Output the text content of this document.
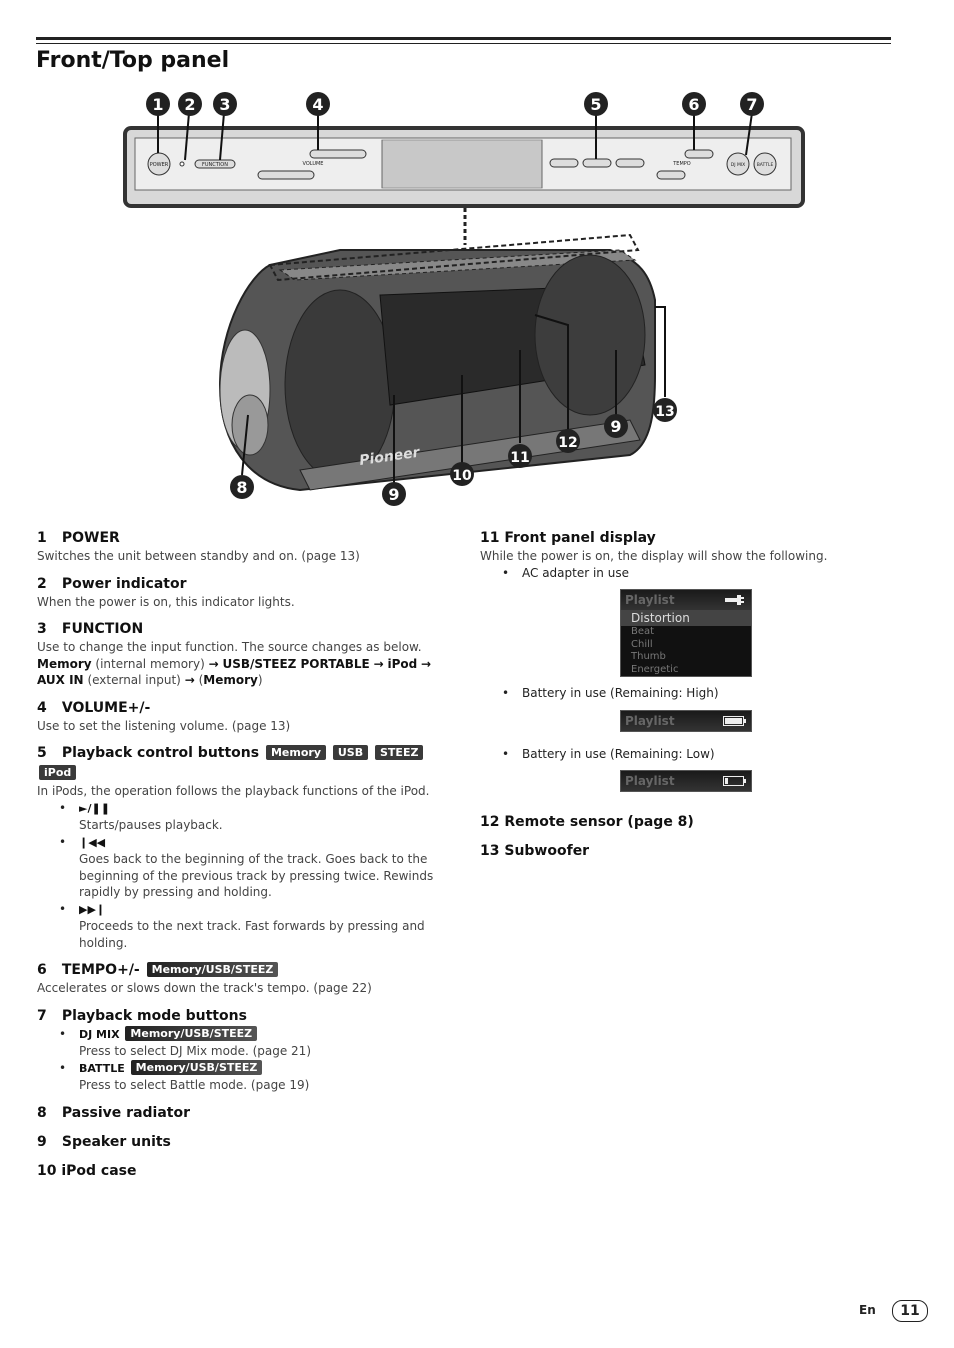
Front/Top panel
POWER	FUNCTION	VOLUME	TEMPO	DJ MIX	BATTLE
Pioneer
1 2 3	4	5	6	7
8	9
9
10
11
12
13
1 POWER

Switches the unit between standby and on. (page 13)

2 Power indicator

When the power is on, this indicator lights.

3 FUNCTION

Use to change the input function. The source changes as below.

Memory (internal memory) → USB/STEEZ PORTABLE → iPod →
AUX IN (external input) → (Memory)

4 VOLUME+/-

Use to set the listening volume. (page 13)

5 Playback control buttons Memory USB STEEZ iPod

In iPods, the operation follows the playback functions of the iPod.

• ►/❚❚
Starts/pauses playback.
• ❙◀◀
Goes back to the beginning of the track. Goes back to the beginning of the previous track by pressing twice. Rewinds rapidly by pressing and holding.
• ▶▶❙
Proceeds to the next track. Fast forwards by pressing and holding.
6 TEMPO+/- Memory/USB/STEEZ

Accelerates or slows down the track's tempo. (page 22)

7 Playback mode buttons
• DJ MIX Memory/USB/STEEZ
Press to select DJ Mix mode. (page 21)
• BATTLE Memory/USB/STEEZ
Press to select Battle mode. (page 19)
8 Passive radiator
9 Speaker units
10 iPod case
11 Front panel display

While the power is on, the display will show the following.

• AC adapter in use
Playlist
Distortion
Beat
Chill
Thumb
Energetic
• Battery in use (Remaining: High)
Playlist
• Battery in use (Remaining: Low)
Playlist
12 Remote sensor (page 8)
13 Subwoofer
En	11
